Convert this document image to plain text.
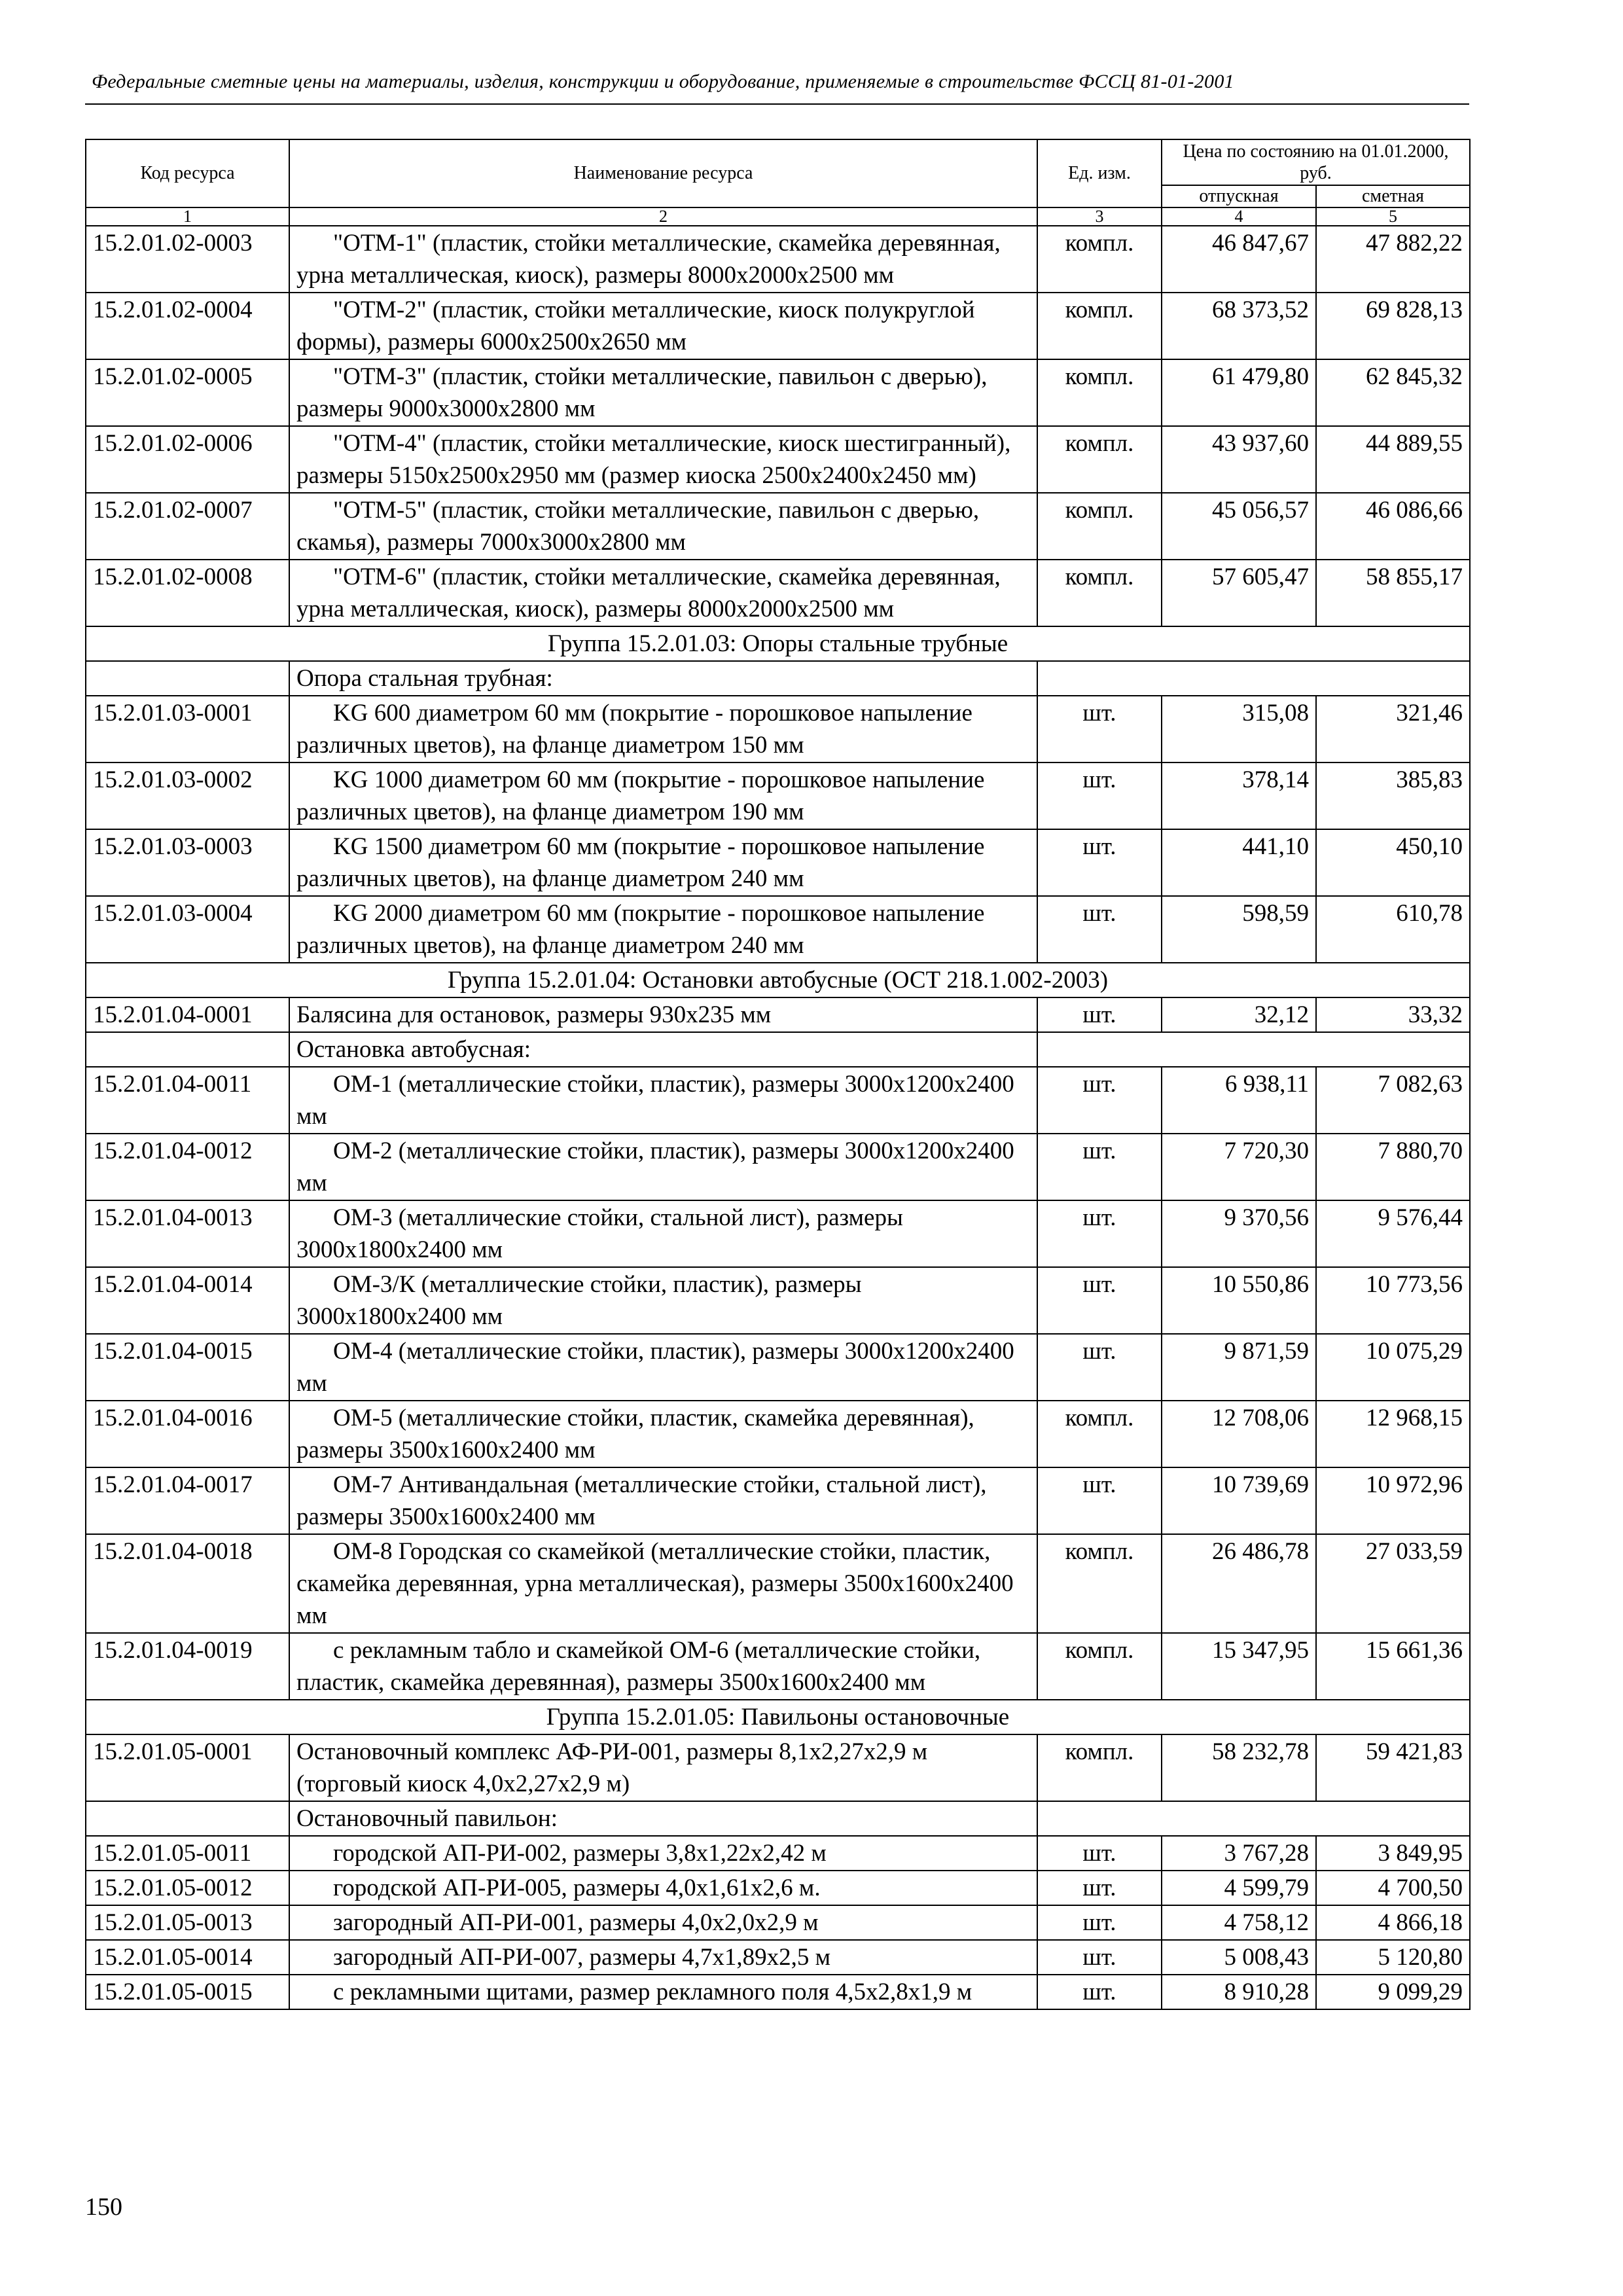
Федеральные сметные цены на материалы, изделия, конструкции и оборудование, применяемые в строительстве ФССЦ 81-01-2001
Код ресурса	Наименование ресурса	Ед. изм.	Цена по состоянию на 01.01.2000, руб.	
			отпускная	сметная
1	2	3	4	5
15.2.01.02-0003	"ОТМ-1" (пластик, стойки металлические, скамейка деревянная, урна металлическая, киоск), размеры 8000х2000х2500 мм	компл.	46 847,67	47 882,22
15.2.01.02-0004	"ОТМ-2" (пластик, стойки металлические, киоск полукруглой формы), размеры 6000х2500х2650 мм	компл.	68 373,52	69 828,13
15.2.01.02-0005	"ОТМ-3" (пластик, стойки металлические, павильон с дверью), размеры 9000х3000х2800 мм	компл.	61 479,80	62 845,32
15.2.01.02-0006	"ОТМ-4" (пластик, стойки металлические, киоск шестигранный), размеры 5150х2500х2950 мм (размер киоска 2500х2400х2450 мм)	компл.	43 937,60	44 889,55
15.2.01.02-0007	"ОТМ-5" (пластик, стойки металлические, павильон с дверью, скамья), размеры 7000х3000х2800 мм	компл.	45 056,57	46 086,66
15.2.01.02-0008	"ОТМ-6" (пластик, стойки металлические, скамейка деревянная, урна металлическая, киоск), размеры 8000х2000х2500 мм	компл.	57 605,47	58 855,17
Группа 15.2.01.03: Опоры стальные трубные				
	Опора стальная трубная:			
15.2.01.03-0001	KG 600 диаметром 60 мм (покрытие - порошковое напыление различных цветов), на фланце диаметром 150 мм	шт.	315,08	321,46
15.2.01.03-0002	KG 1000 диаметром 60 мм (покрытие - порошковое напыление различных цветов), на фланце диаметром 190 мм	шт.	378,14	385,83
15.2.01.03-0003	KG 1500 диаметром 60 мм (покрытие - порошковое напыление различных цветов), на фланце диаметром 240 мм	шт.	441,10	450,10
15.2.01.03-0004	KG 2000 диаметром 60 мм (покрытие - порошковое напыление различных цветов), на фланце диаметром 240 мм	шт.	598,59	610,78
Группа 15.2.01.04: Остановки автобусные (ОСТ 218.1.002-2003)				
15.2.01.04-0001	Балясина для остановок, размеры 930х235 мм	шт.	32,12	33,32
	Остановка автобусная:			
15.2.01.04-0011	ОМ-1 (металлические стойки, пластик), размеры 3000х1200х2400 мм	шт.	6 938,11	7 082,63
15.2.01.04-0012	ОМ-2 (металлические стойки, пластик), размеры 3000х1200х2400 мм	шт.	7 720,30	7 880,70
15.2.01.04-0013	ОМ-3 (металлические стойки, стальной лист), размеры 3000х1800х2400 мм	шт.	9 370,56	9 576,44
15.2.01.04-0014	ОМ-3/К (металлические стойки, пластик), размеры 3000х1800х2400 мм	шт.	10 550,86	10 773,56
15.2.01.04-0015	ОМ-4 (металлические стойки, пластик), размеры 3000х1200х2400 мм	шт.	9 871,59	10 075,29
15.2.01.04-0016	ОМ-5 (металлические стойки, пластик, скамейка деревянная), размеры 3500х1600х2400 мм	компл.	12 708,06	12 968,15
15.2.01.04-0017	ОМ-7 Антивандальная (металлические стойки, стальной лист), размеры 3500х1600х2400 мм	шт.	10 739,69	10 972,96
15.2.01.04-0018	ОМ-8 Городская со скамейкой (металлические стойки, пластик, скамейка деревянная, урна металлическая), размеры 3500х1600х2400 мм	компл.	26 486,78	27 033,59
15.2.01.04-0019	с рекламным табло и скамейкой ОМ-6 (металлические стойки, пластик, скамейка деревянная), размеры 3500х1600х2400 мм	компл.	15 347,95	15 661,36
Группа 15.2.01.05: Павильоны остановочные				
15.2.01.05-0001	Остановочный комплекс АФ-РИ-001, размеры 8,1х2,27х2,9 м (торговый киоск 4,0х2,27х2,9 м)	компл.	58 232,78	59 421,83
	Остановочный павильон:			
15.2.01.05-0011	городской АП-РИ-002, размеры 3,8х1,22х2,42 м	шт.	3 767,28	3 849,95
15.2.01.05-0012	городской АП-РИ-005, размеры 4,0х1,61х2,6 м.	шт.	4 599,79	4 700,50
15.2.01.05-0013	загородный АП-РИ-001, размеры 4,0х2,0х2,9 м	шт.	4 758,12	4 866,18
15.2.01.05-0014	загородный АП-РИ-007, размеры 4,7х1,89х2,5 м	шт.	5 008,43	5 120,80
15.2.01.05-0015	с рекламными щитами, размер рекламного поля 4,5х2,8х1,9 м	шт.	8 910,28	9 099,29
150
